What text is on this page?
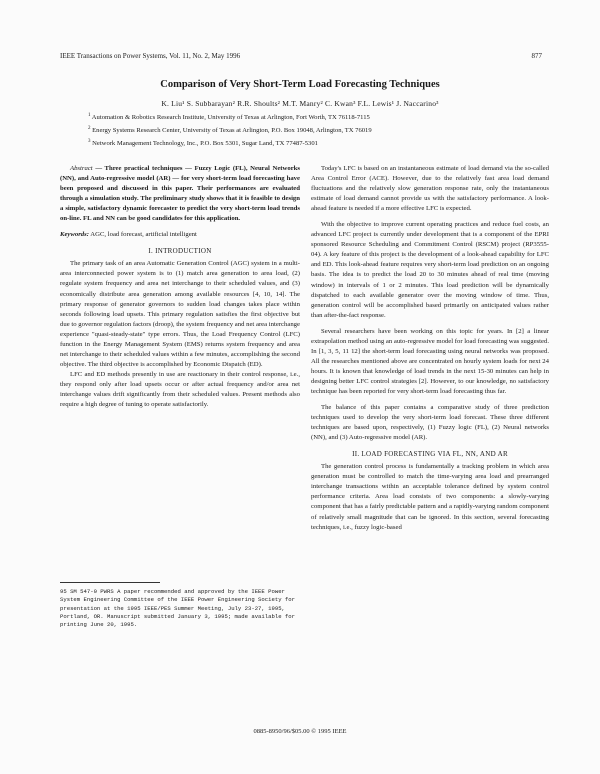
IEEE Transactions on Power Systems, Vol. 11, No. 2, May 1996	877
Comparison of Very Short-Term Load Forecasting Techniques
K. Liu¹ S. Subbarayan² R.R. Shoults² M.T. Manry² C. Kwan³ F.L. Lewis¹ J. Naccarino³
$^1$ Automation & Robotics Research Institute, University of Texas at Arlington, Fort Worth, TX 76118-7115
$^2$ Energy Systems Research Center, University of Texas at Arlington, P.O. Box 19048, Arlington, TX 76019
$^3$ Network Management Technology, Inc., P.O. Box 5301, Sugar Land, TX 77487-5301

Abstract — Three practical techniques — Fuzzy Logic (FL), Neural Networks (NN), and Auto-regressive model (AR) — for very short-term load forecasting have been proposed and discussed in this paper. Their performances are evaluated through a simulation study. The preliminary study shows that it is feasible to design a simple, satisfactory dynamic forecaster to predict the very short-term load trends on-line. FL and NN can be good candidates for this application.

Keywords: AGC, load forecast, artificial intelligent

I. INTRODUCTION

The primary task of an area Automatic Generation Control (AGC) system in a multi-area interconnected power system is to (1) match area generation to area load, (2) regulate system frequency and area net interchange to their scheduled values, and (3) economically distribute area generation among available resources [4, 10, 14]. The primary response of generator governors to sudden load changes takes place within seconds following load upsets. This primary regulation satisfies the first objective but due to governor regulation factors (droop), the system frequency and net area interchange experience "quasi-steady-state" type errors. Thus, the Load Frequency Control (LFC) function in the Energy Management System (EMS) returns system frequency and area net interchange to their scheduled values within a few minutes, accomplishing the second objective. The third objective is accomplished by Economic Dispatch (ED).

LFC and ED methods presently in use are reactionary in their control response, i.e., they respond only after load upsets occur or after actual frequency and/or area net interchange values drift significantly from their scheduled values. Present methods also require a high degree of tuning to operate satisfactorily.

95 SM 547-0 PWRS A paper recommended and approved by the IEEE Power System Engineering Committee of the IEEE Power Engineering Society for presentation at the 1995 IEEE/PES Summer Meeting, July 23-27, 1995, Portland, OR. Manuscript submitted January 3, 1995; made available for printing June 20, 1995.

Today's LFC is based on an instantaneous estimate of load demand via the so-called Area Control Error (ACE). However, due to the relatively fast area load demand fluctuations and the relatively slow generation response rate, only the instantaneous estimate of load demand cannot provide us with the satisfactory performance. A look-ahead feature is needed if a more effective LFC is expected.

With the objective to improve current operating practices and reduce fuel costs, an advanced LFC project is currently under development that is a component of the EPRI sponsored Resource Scheduling and Commitment Control (RSCM) project (RP3555-04). A key feature of this project is the development of a look-ahead capability for LFC and ED. This look-ahead feature requires very short-term load prediction on an ongoing basis. The idea is to predict the load 20 to 30 minutes ahead of real time (moving window) in intervals of 1 or 2 minutes. This load prediction will be dynamically dispatched to each available generator over the moving window of time. Thus, generation control will be accomplished based primarily on anticipated values rather than after-the-fact response.

Several researchers have been working on this topic for years. In [2] a linear extrapolation method using an auto-regressive model for load forecasting was suggested. In [1, 3, 5, 11 12] the short-term load forecasting using neural networks was proposed. All the researches mentioned above are concentrated on hourly system loads for next 24 hours. It is known that knowledge of load trends in the next 15-30 minutes can help in designing better LFC control strategies [2]. However, to our knowledge, no satisfactory technique has been reported for very short-term load forecasting thus far.

The balance of this paper contains a comparative study of three prediction techniques used to develop the very short-term load forecast. These three different techniques are based upon, respectively, (1) Fuzzy logic (FL), (2) Neural networks (NN), and (3) Auto-regressive model (AR).

II. LOAD FORECASTING VIA FL, NN, AND AR

The generation control process is fundamentally a tracking problem in which area generation must be controlled to match the time-varying area load and prearranged interchange transactions within an acceptable tolerance defined by system control performance criteria. Area load consists of two components: a slowly-varying component that has a fairly predictable pattern and a rapidly-varying random component of relatively small magnitude that can be ignored. In this section, several forecasting techniques, i.e., fuzzy logic-based

0885-8950/96/$05.00 © 1995 IEEE
